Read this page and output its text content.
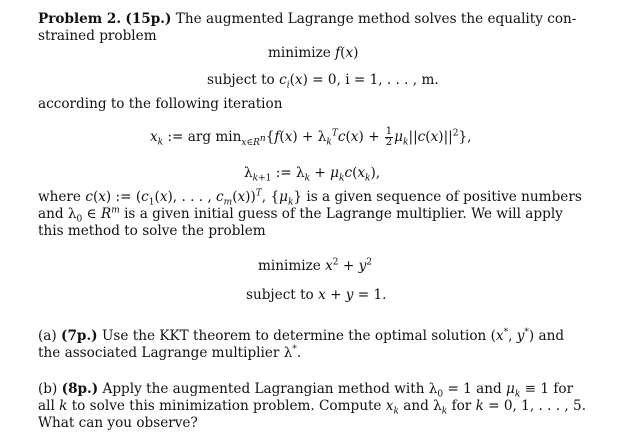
Problem 2. (15p.) The augmented Lagrange method solves the equality con-
strained problem
minimize f(x)
subject to $c_i(x) = 0$, i = 1, . . . , m.
according to the following iteration
$x_k$ := arg $\min_{x\in R^n}\{f(x) + \lambda_k^Tc(x) + \frac{1}{2} \mu_k||c(x)||^2\}$,
$\lambda_{k+1}$ := $\lambda_k + \mu_kc(x_k)$,
where c(x) := ($c_1(x)$, . . . , $c_m(x))^T$, $\{\mu_k\}$ is a given sequence of positive numbers
and $\lambda_0$ ∈ $R^m$ is a given initial guess of the Lagrange multiplier. We will apply
this method to solve the problem
minimize $x^2 + y^2$
subject to x + y = 1.
(a) (7p.) Use the KKT theorem to determine the optimal solution (x*, y*) and
the associated Lagrange multiplier λ*.
(b) (8p.) Apply the augmented Lagrangian method with $\lambda_0 = 1$ and $\mu_k \equiv 1$ for
all k to solve this minimization problem. Compute $x_k$ and $\lambda_k$ for k = 0, 1, . . . , 5.
What can you observe?
